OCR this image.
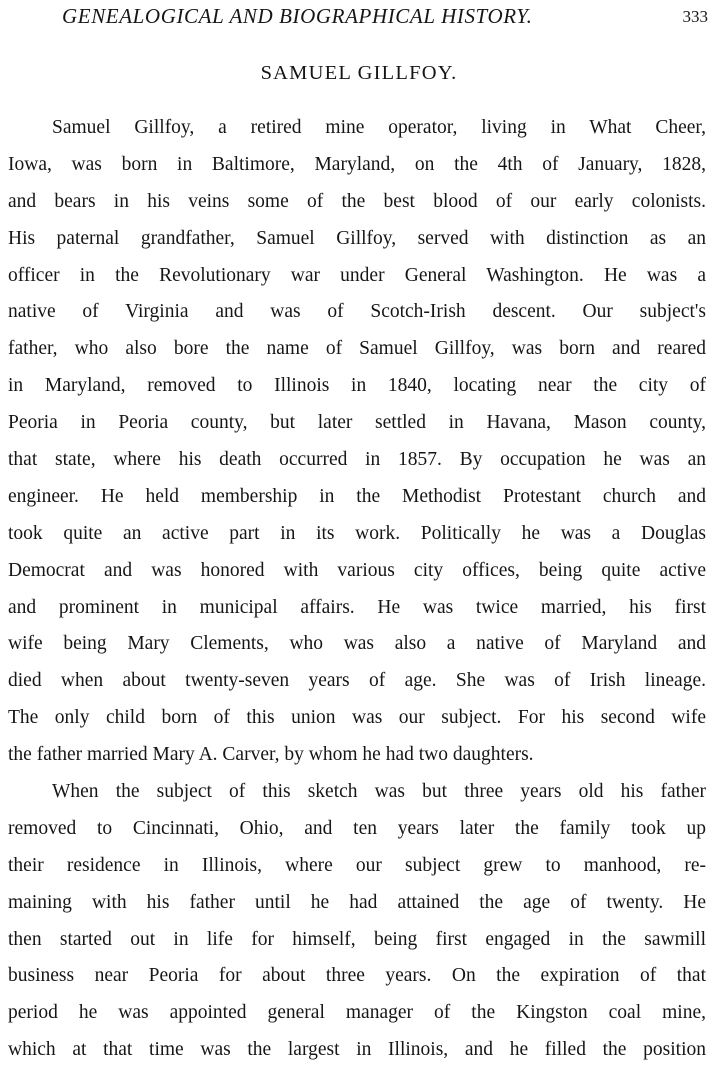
GENEALOGICAL AND BIOGRAPHICAL HISTORY.	333
SAMUEL GILLFOY.
Samuel Gillfoy, a retired mine operator, living in What Cheer,
Iowa, was born in Baltimore, Maryland, on the 4th of January, 1828,
and bears in his veins some of the best blood of our early colonists.
His paternal grandfather, Samuel Gillfoy, served with distinction as an
officer in the Revolutionary war under General Washington. He was a
native of Virginia and was of Scotch-Irish descent. Our subject's
father, who also bore the name of Samuel Gillfoy, was born and reared
in Maryland, removed to Illinois in 1840, locating near the city of
Peoria in Peoria county, but later settled in Havana, Mason county,
that state, where his death occurred in 1857. By occupation he was an
engineer. He held membership in the Methodist Protestant church and
took quite an active part in its work. Politically he was a Douglas
Democrat and was honored with various city offices, being quite active
and prominent in municipal affairs. He was twice married, his first
wife being Mary Clements, who was also a native of Maryland and
died when about twenty-seven years of age. She was of Irish lineage.
The only child born of this union was our subject. For his second wife
the father married Mary A. Carver, by whom he had two daughters.
When the subject of this sketch was but three years old his father
removed to Cincinnati, Ohio, and ten years later the family took up
their residence in Illinois, where our subject grew to manhood, re-
maining with his father until he had attained the age of twenty. He
then started out in life for himself, being first engaged in the sawmill
business near Peoria for about three years. On the expiration of that
period he was appointed general manager of the Kingston coal mine,
which at that time was the largest in Illinois, and he filled the position
